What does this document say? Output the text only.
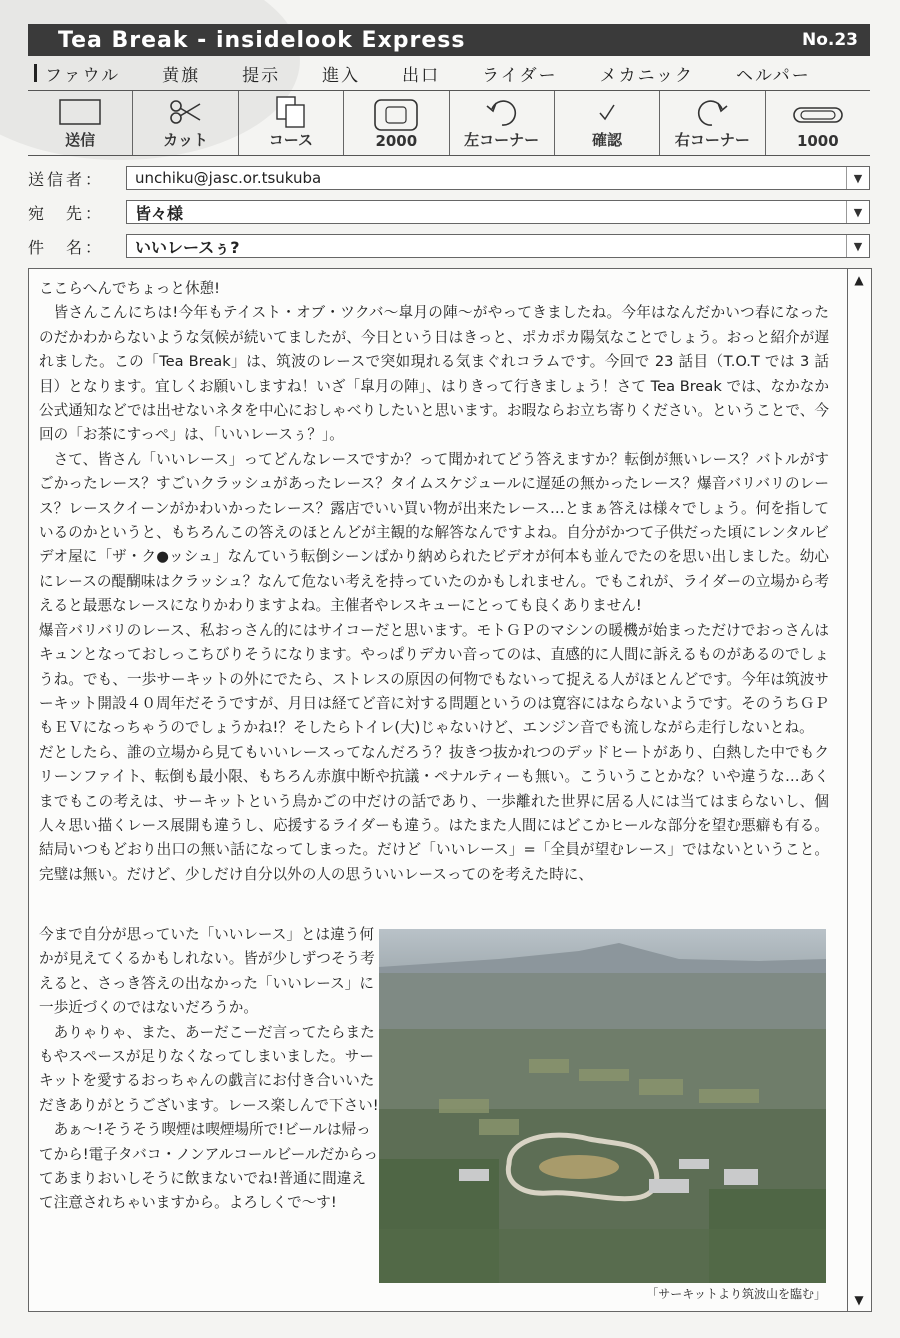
Tea Break - insidelook Express	No.23
ファウル 黄旗 提示 進入 出口 ライダー メカニック ヘルパー
送信	カット	コース	2000	左コーナー	確認	右コーナー	1000
送信者：	unchiku@jasc.or.tsukuba	▼
宛　先：	皆々様	▼
件　名：	いいレースぅ?	▼

ここらへんでちょっと休憩!

皆さんこんにちは!今年もテイスト・オブ・ツクバ～皐月の陣～がやってきましたね。今年はなんだかいつ春になったのだかわからないような気候が続いてましたが、今日という日はきっと、ポカポカ陽気なことでしょう。おっと紹介が遅れました。この「Tea Break」は、筑波のレースで突如現れる気まぐれコラムです。今回で 23 話目（T.O.T では 3 話目）となります。宜しくお願いしますね！いざ「皐月の陣」、はりきって行きましょう！さて Tea Break では、なかなか公式通知などでは出せないネタを中心におしゃべりしたいと思います。お暇ならお立ち寄りください。ということで、今回の「お茶にすっぺ」は、「いいレースぅ？」。

さて、皆さん「いいレース」ってどんなレースですか？って聞かれてどう答えますか？転倒が無いレース？バトルがすごかったレース？すごいクラッシュがあったレース？タイムスケジュールに遅延の無かったレース？爆音バリバリのレース？レースクイーンがかわいかったレース？露店でいい買い物が出来たレース…とまぁ答えは様々でしょう。何を指しているのかというと、もちろんこの答えのほとんどが主観的な解答なんですよね。自分がかつて子供だった頃にレンタルビデオ屋に「ザ・ク●ッシュ」なんていう転倒シーンばかり納められたビデオが何本も並んでたのを思い出しました。幼心にレースの醍醐味はクラッシュ？なんて危ない考えを持っていたのかもしれません。でもこれが、ライダーの立場から考えると最悪なレースになりかわりますよね。主催者やレスキューにとっても良くありません!

爆音バリバリのレース、私おっさん的にはサイコーだと思います。モトＧＰのマシンの暖機が始まっただけでおっさんはキュンとなっておしっこちびりそうになります。やっぱりデカい音ってのは、直感的に人間に訴えるものがあるのでしょうね。でも、一歩サーキットの外にでたら、ストレスの原因の何物でもないって捉える人がほとんどです。今年は筑波サーキット開設４０周年だそうですが、月日は経てど音に対する問題というのは寛容にはならないようです。そのうちＧＰもＥＶになっちゃうのでしょうかね!？そしたらトイレ(大)じゃないけど、エンジン音でも流しながら走行しないとね。

だとしたら、誰の立場から見てもいいレースってなんだろう？抜きつ抜かれつのデッドヒートがあり、白熱した中でもクリーンファイト、転倒も最小限、もちろん赤旗中断や抗議・ペナルティーも無い。こういうことかな？いや違うな…あくまでもこの考えは、サーキットという鳥かごの中だけの話であり、一歩離れた世界に居る人には当てはまらないし、個人々思い描くレース展開も違うし、応援するライダーも違う。はたまた人間にはどこかヒールな部分を望む悪癖も有る。結局いつもどおり出口の無い話になってしまった。だけど「いいレース」=「全員が望むレース」ではないということ。完璧は無い。だけど、少しだけ自分以外の人の思ういいレースってのを考えた時に、

今まで自分が思っていた「いいレース」とは違う何かが見えてくるかもしれない。皆が少しずつそう考えると、さっき答えの出なかった「いいレース」に一歩近づくのではないだろうか。

ありゃりゃ、また、あーだこーだ言ってたらまたもやスペースが足りなくなってしまいました。サーキットを愛するおっちゃんの戯言にお付き合いいただきありがとうございます。レース楽しんで下さい!

あぁ～!そうそう喫煙は喫煙場所で!ビールは帰ってから!電子タバコ・ノンアルコールビールだからってあまりおいしそうに飲まないでね!普通に間違えて注意されちゃいますから。よろしくで～す!

「サーキットより筑波山を臨む」
▲
▼
